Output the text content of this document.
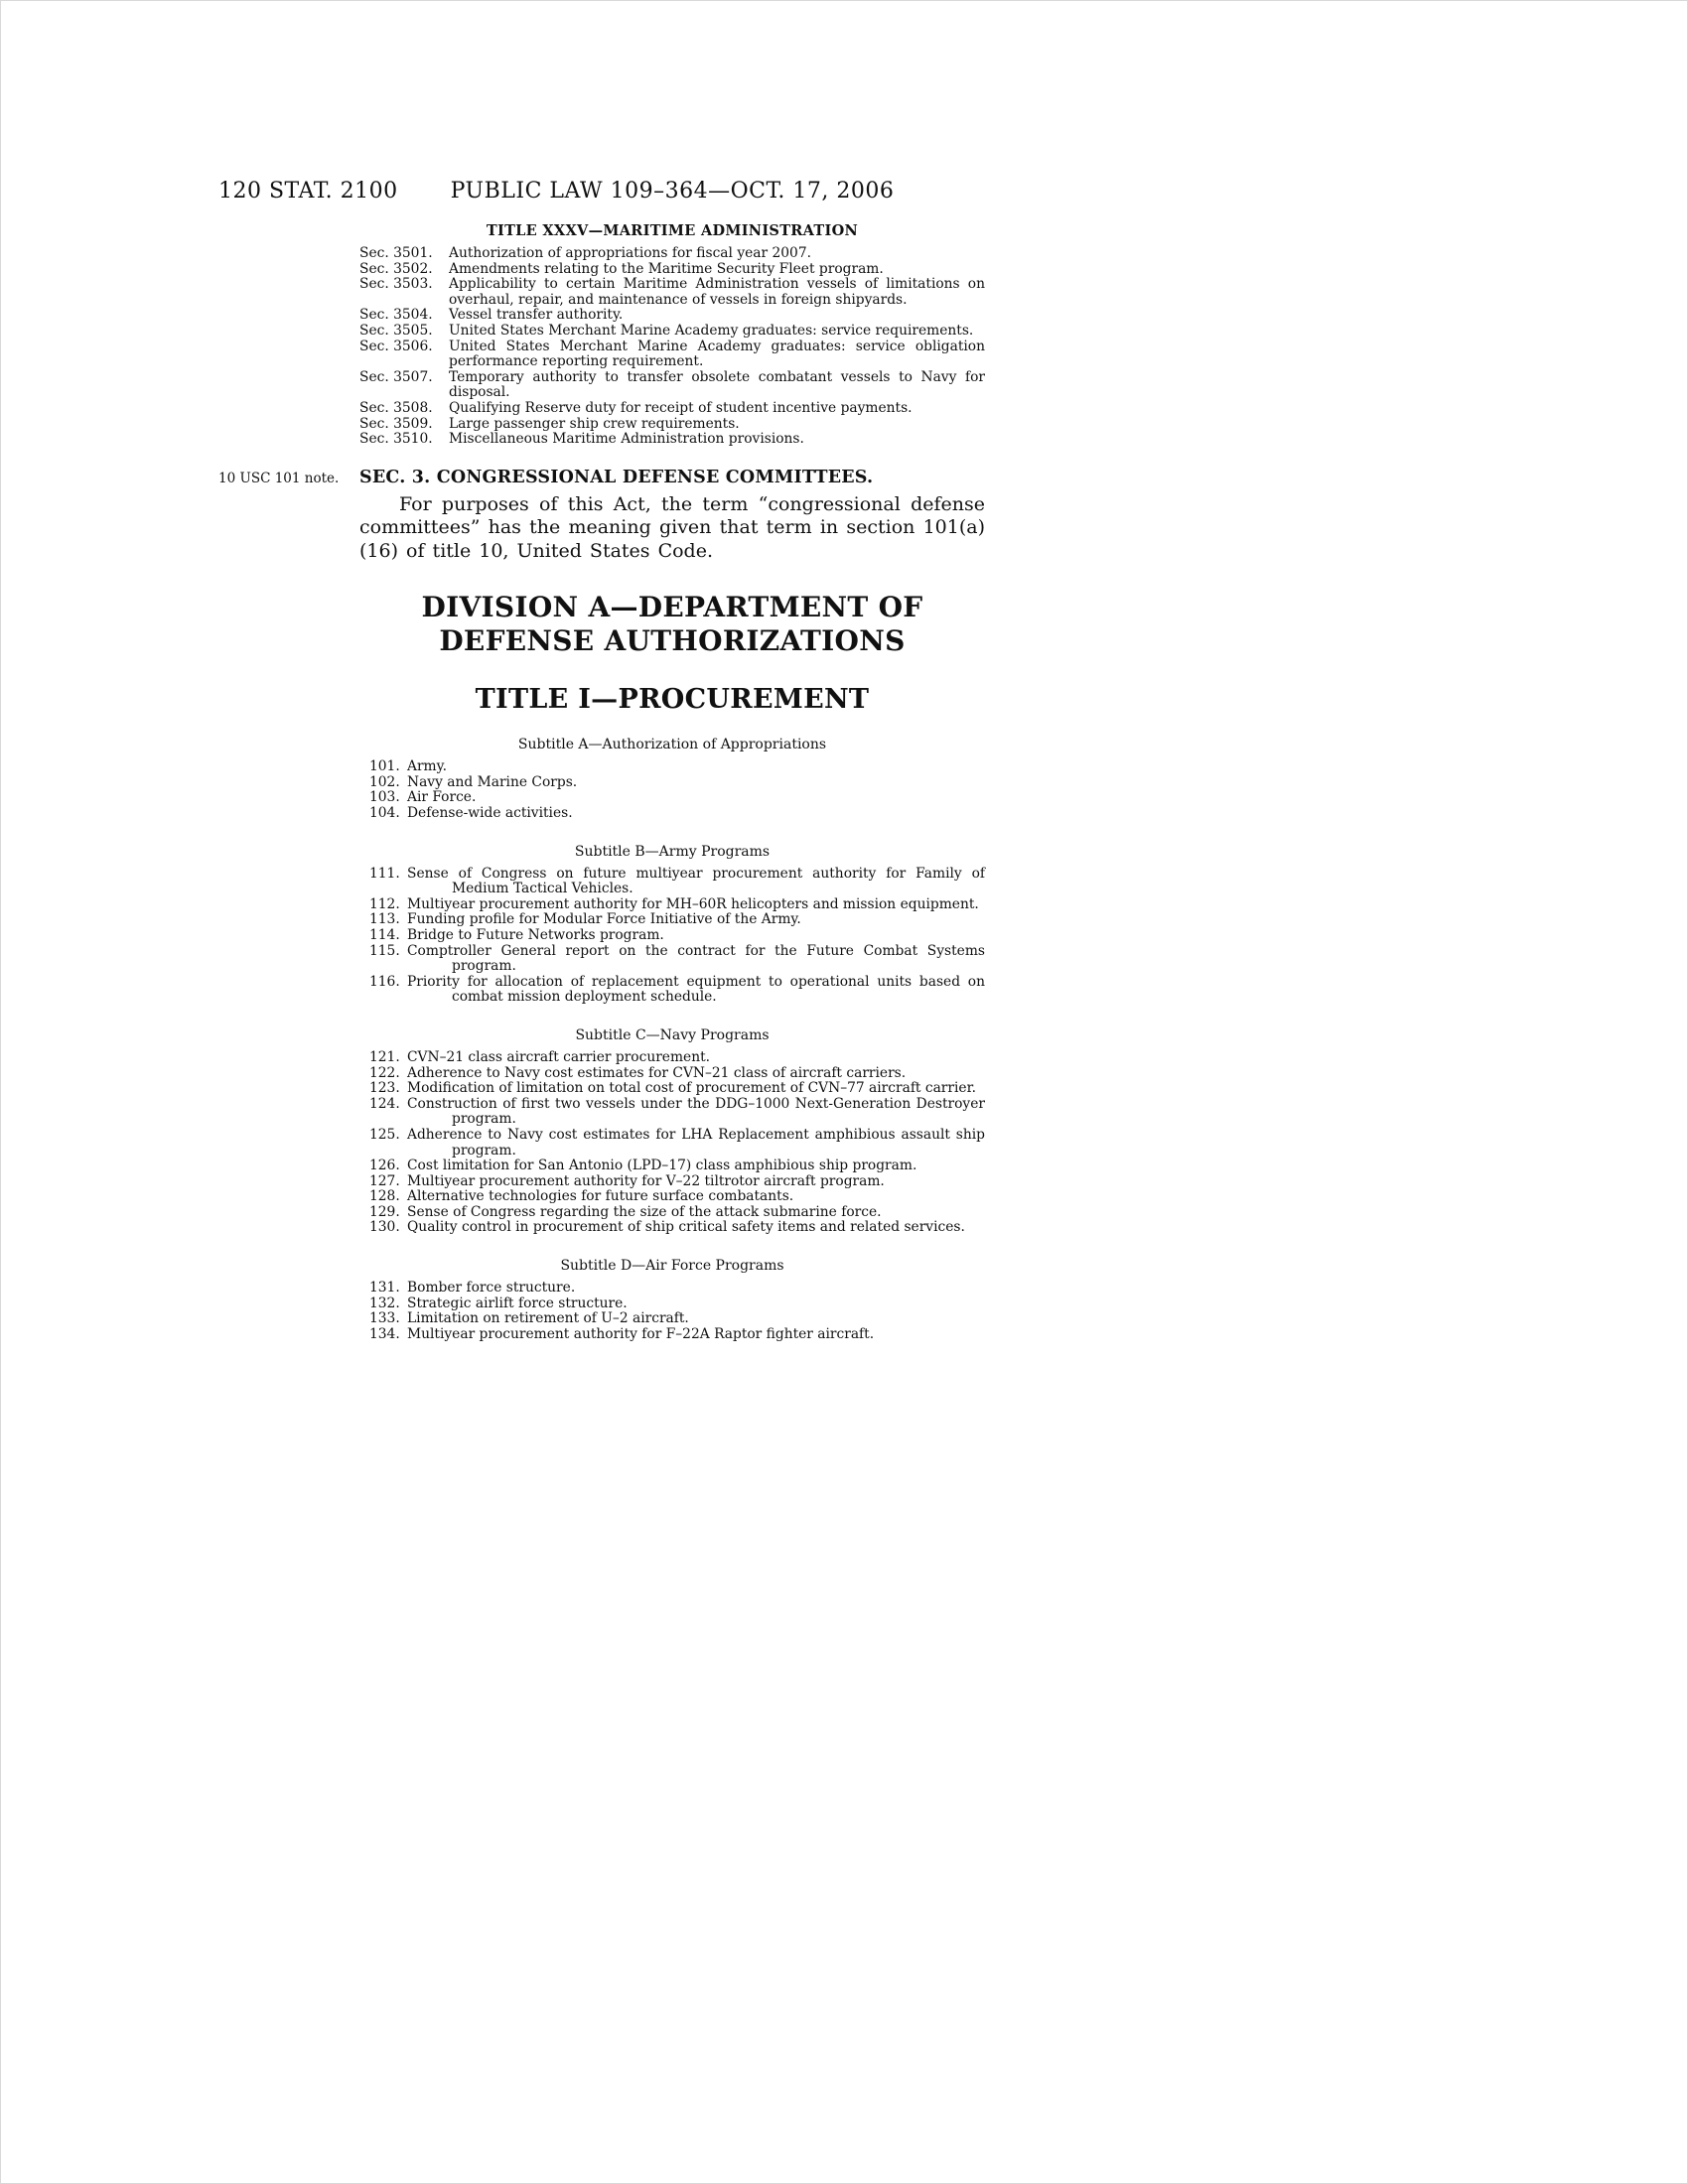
120 STAT. 2100	PUBLIC LAW 109–364—OCT. 17, 2006
TITLE XXXV—MARITIME ADMINISTRATION
Sec. 3501. Authorization of appropriations for fiscal year 2007.
Sec. 3502. Amendments relating to the Maritime Security Fleet program.
Sec. 3503. Applicability to certain Maritime Administration vessels of limitations on overhaul, repair, and maintenance of vessels in foreign shipyards.
Sec. 3504. Vessel transfer authority.
Sec. 3505. United States Merchant Marine Academy graduates: service requirements.
Sec. 3506. United States Merchant Marine Academy graduates: service obligation performance reporting requirement.
Sec. 3507. Temporary authority to transfer obsolete combatant vessels to Navy for disposal.
Sec. 3508. Qualifying Reserve duty for receipt of student incentive payments.
Sec. 3509. Large passenger ship crew requirements.
Sec. 3510. Miscellaneous Maritime Administration provisions.
10 USC 101 note.	SEC. 3. CONGRESSIONAL DEFENSE COMMITTEES.

For purposes of this Act, the term “congressional defense committees” has the meaning given that term in section 101(a)(16) of title 10, United States Code.

DIVISION A—DEPARTMENT OF
DEFENSE AUTHORIZATIONS
TITLE I—PROCUREMENT
Subtitle A—Authorization of Appropriations
101. Army.
102. Navy and Marine Corps.
103. Air Force.
104. Defense-wide activities.
Subtitle B—Army Programs
111. Sense of Congress on future multiyear procurement authority for Family of Medium Tactical Vehicles.
112. Multiyear procurement authority for MH–60R helicopters and mission equipment.
113. Funding profile for Modular Force Initiative of the Army.
114. Bridge to Future Networks program.
115. Comptroller General report on the contract for the Future Combat Systems program.
116. Priority for allocation of replacement equipment to operational units based on combat mission deployment schedule.
Subtitle C—Navy Programs
121. CVN–21 class aircraft carrier procurement.
122. Adherence to Navy cost estimates for CVN–21 class of aircraft carriers.
123. Modification of limitation on total cost of procurement of CVN–77 aircraft carrier.
124. Construction of first two vessels under the DDG–1000 Next-Generation Destroyer program.
125. Adherence to Navy cost estimates for LHA Replacement amphibious assault ship program.
126. Cost limitation for San Antonio (LPD–17) class amphibious ship program.
127. Multiyear procurement authority for V–22 tiltrotor aircraft program.
128. Alternative technologies for future surface combatants.
129. Sense of Congress regarding the size of the attack submarine force.
130. Quality control in procurement of ship critical safety items and related services.
Subtitle D—Air Force Programs
131. Bomber force structure.
132. Strategic airlift force structure.
133. Limitation on retirement of U–2 aircraft.
134. Multiyear procurement authority for F–22A Raptor fighter aircraft.
